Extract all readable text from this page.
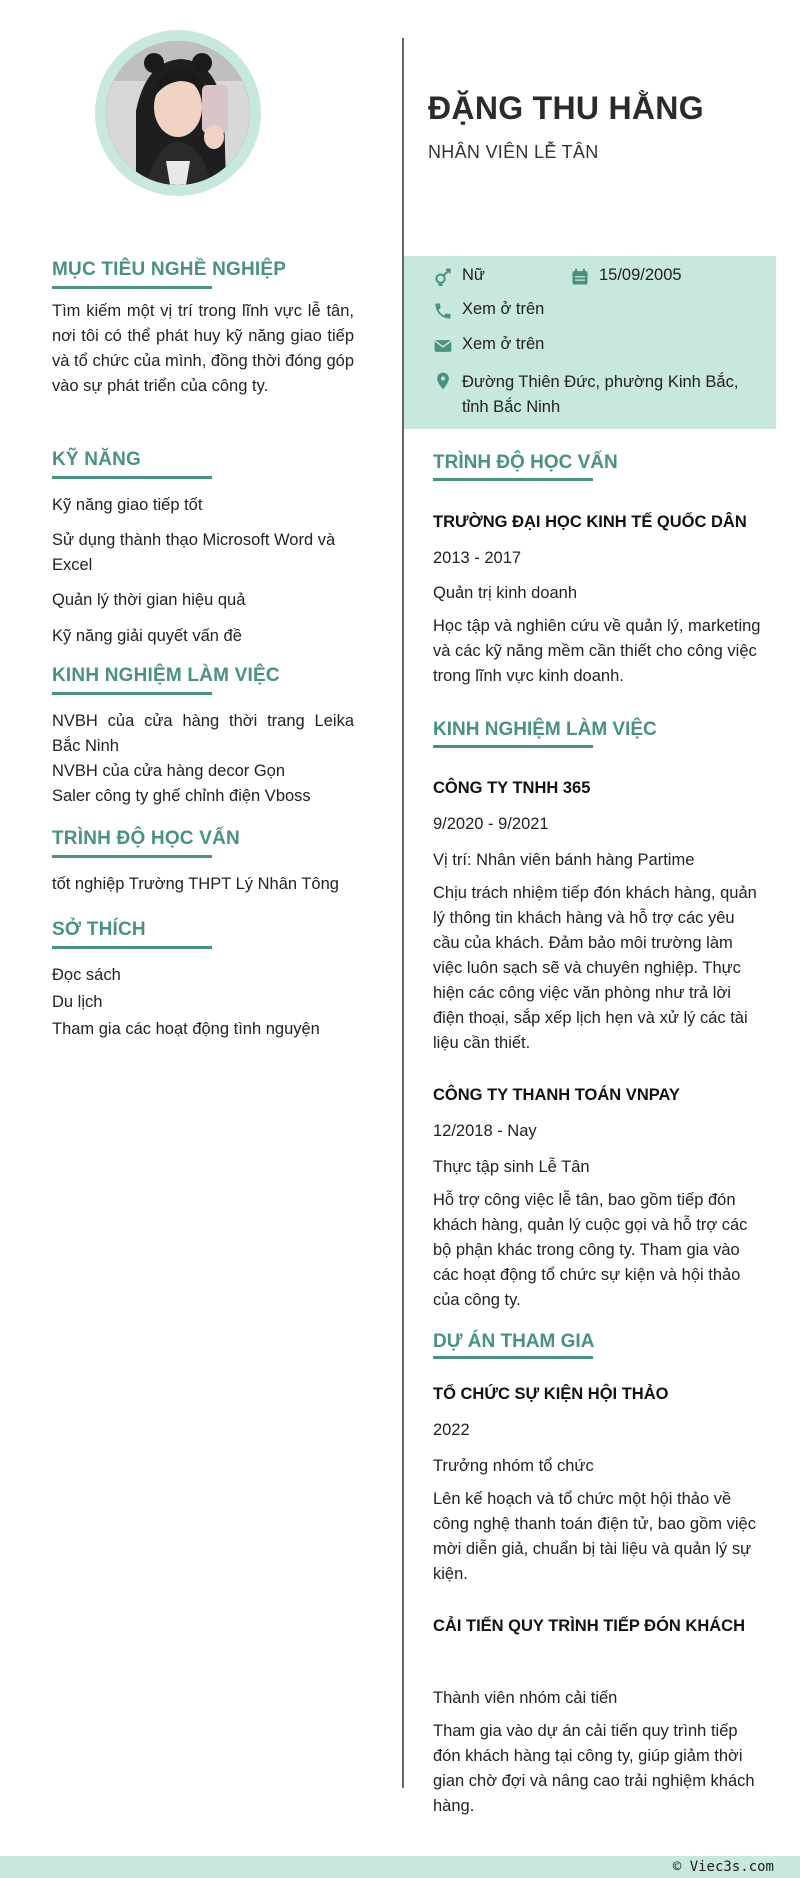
MỤC TIÊU NGHỀ NGHIỆP

Tìm kiếm một vị trí trong lĩnh vực lễ tân, nơi tôi có thể phát huy kỹ năng giao tiếp và tổ chức của mình, đồng thời đóng góp vào sự phát triển của công ty.

KỸ NĂNG

Kỹ năng giao tiếp tốt

Sử dụng thành thạo Microsoft Word và Excel

Quản lý thời gian hiệu quả

Kỹ năng giải quyết vấn đề

KINH NGHIỆM LÀM VIỆC

NVBH của cửa hàng thời trang Leika Bắc Ninh

NVBH của cửa hàng decor Gọn

Saler công ty ghế chỉnh điện Vboss

TRÌNH ĐỘ HỌC VẤN

tốt nghiệp Trường THPT Lý Nhân Tông

SỞ THÍCH

Đọc sách

Du lịch

Tham gia các hoạt động tình nguyện

ĐẶNG THU HẰNG

NHÂN VIÊN LỄ TÂN

Nữ	15/09/2005
Xem ở trên
Xem ở trên
Đường Thiên Đức, phường Kinh Bắc,
tỉnh Bắc Ninh
TRÌNH ĐỘ HỌC VẤN

TRƯỜNG ĐẠI HỌC KINH TẾ QUỐC DÂN

2013 - 2017

Quản trị kinh doanh

Học tập và nghiên cứu về quản lý, marketing và các kỹ năng mềm cần thiết cho công việc trong lĩnh vực kinh doanh.

KINH NGHIỆM LÀM VIỆC

CÔNG TY TNHH 365

9/2020 - 9/2021

Vị trí: Nhân viên bánh hàng Partime

Chịu trách nhiệm tiếp đón khách hàng, quản lý thông tin khách hàng và hỗ trợ các yêu cầu của khách. Đảm bảo môi trường làm việc luôn sạch sẽ và chuyên nghiệp. Thực hiện các công việc văn phòng như trả lời điện thoại, sắp xếp lịch hẹn và xử lý các tài liệu cần thiết.

CÔNG TY THANH TOÁN VNPAY

12/2018 - Nay

Thực tập sinh Lễ Tân

Hỗ trợ công việc lễ tân, bao gồm tiếp đón khách hàng, quản lý cuộc gọi và hỗ trợ các bộ phận khác trong công ty. Tham gia vào các hoạt động tổ chức sự kiện và hội thảo của công ty.

DỰ ÁN THAM GIA

TỔ CHỨC SỰ KIỆN HỘI THẢO

2022

Trưởng nhóm tổ chức

Lên kế hoạch và tổ chức một hội thảo về công nghệ thanh toán điện tử, bao gồm việc mời diễn giả, chuẩn bị tài liệu và quản lý sự kiện.

CẢI TIẾN QUY TRÌNH TIẾP ĐÓN KHÁCH

Thành viên nhóm cải tiến

Tham gia vào dự án cải tiến quy trình tiếp đón khách hàng tại công ty, giúp giảm thời gian chờ đợi và nâng cao trải nghiệm khách hàng.

© Viec3s.com
